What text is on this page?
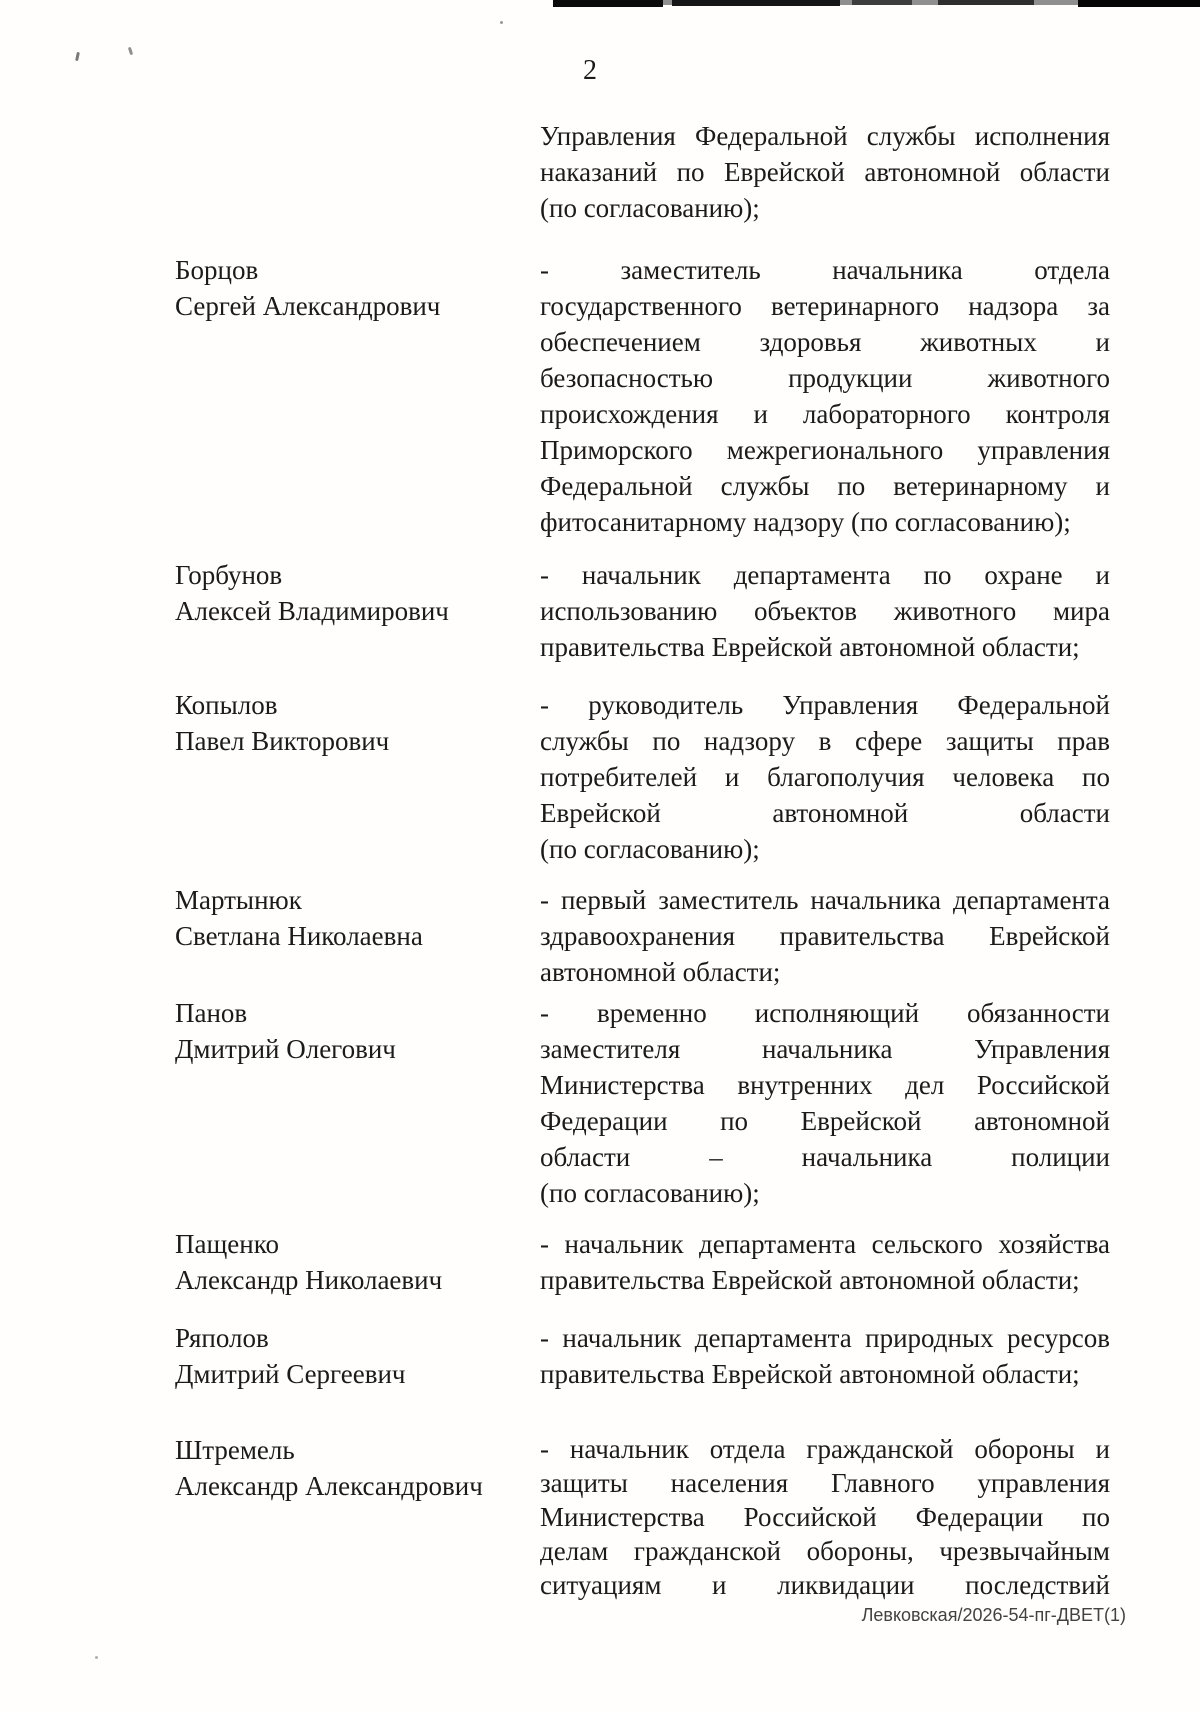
2
Управления Федеральной службы исполнения
наказаний по Еврейской автономной области
(по согласованию);
Борцов
Сергей Александрович
- заместитель начальника отдела
государственного ветеринарного надзора за
обеспечением здоровья животных и
безопасностью продукции животного
происхождения и лабораторного контроля
Приморского межрегионального управления
Федеральной службы по ветеринарному и
фитосанитарному надзору (по согласованию);
Горбунов
Алексей Владимирович
- начальник департамента по охране и
использованию объектов животного мира
правительства Еврейской автономной области;
Копылов
Павел Викторович
- руководитель Управления Федеральной
службы по надзору в сфере защиты прав
потребителей и благополучия человека по
Еврейской автономной области
(по согласованию);
Мартынюк
Светлана Николаевна
- первый заместитель начальника департамента
здравоохранения правительства Еврейской
автономной области;
Панов
Дмитрий Олегович
- временно исполняющий обязанности
заместителя начальника Управления
Министерства внутренних дел Российской
Федерации по Еврейской автономной
области – начальника полиции
(по согласованию);
Пащенко
Александр Николаевич
- начальник департамента сельского хозяйства
правительства Еврейской автономной области;
Ряполов
Дмитрий Сергеевич
- начальник департамента природных ресурсов
правительства Еврейской автономной области;
Штремель
Александр Александрович
- начальник отдела гражданской обороны и
защиты населения Главного управления
Министерства Российской Федерации по
делам гражданской обороны, чрезвычайным
ситуациям и ликвидации последствий
Левковская/2026-54-пг-ДВЕТ(1)
